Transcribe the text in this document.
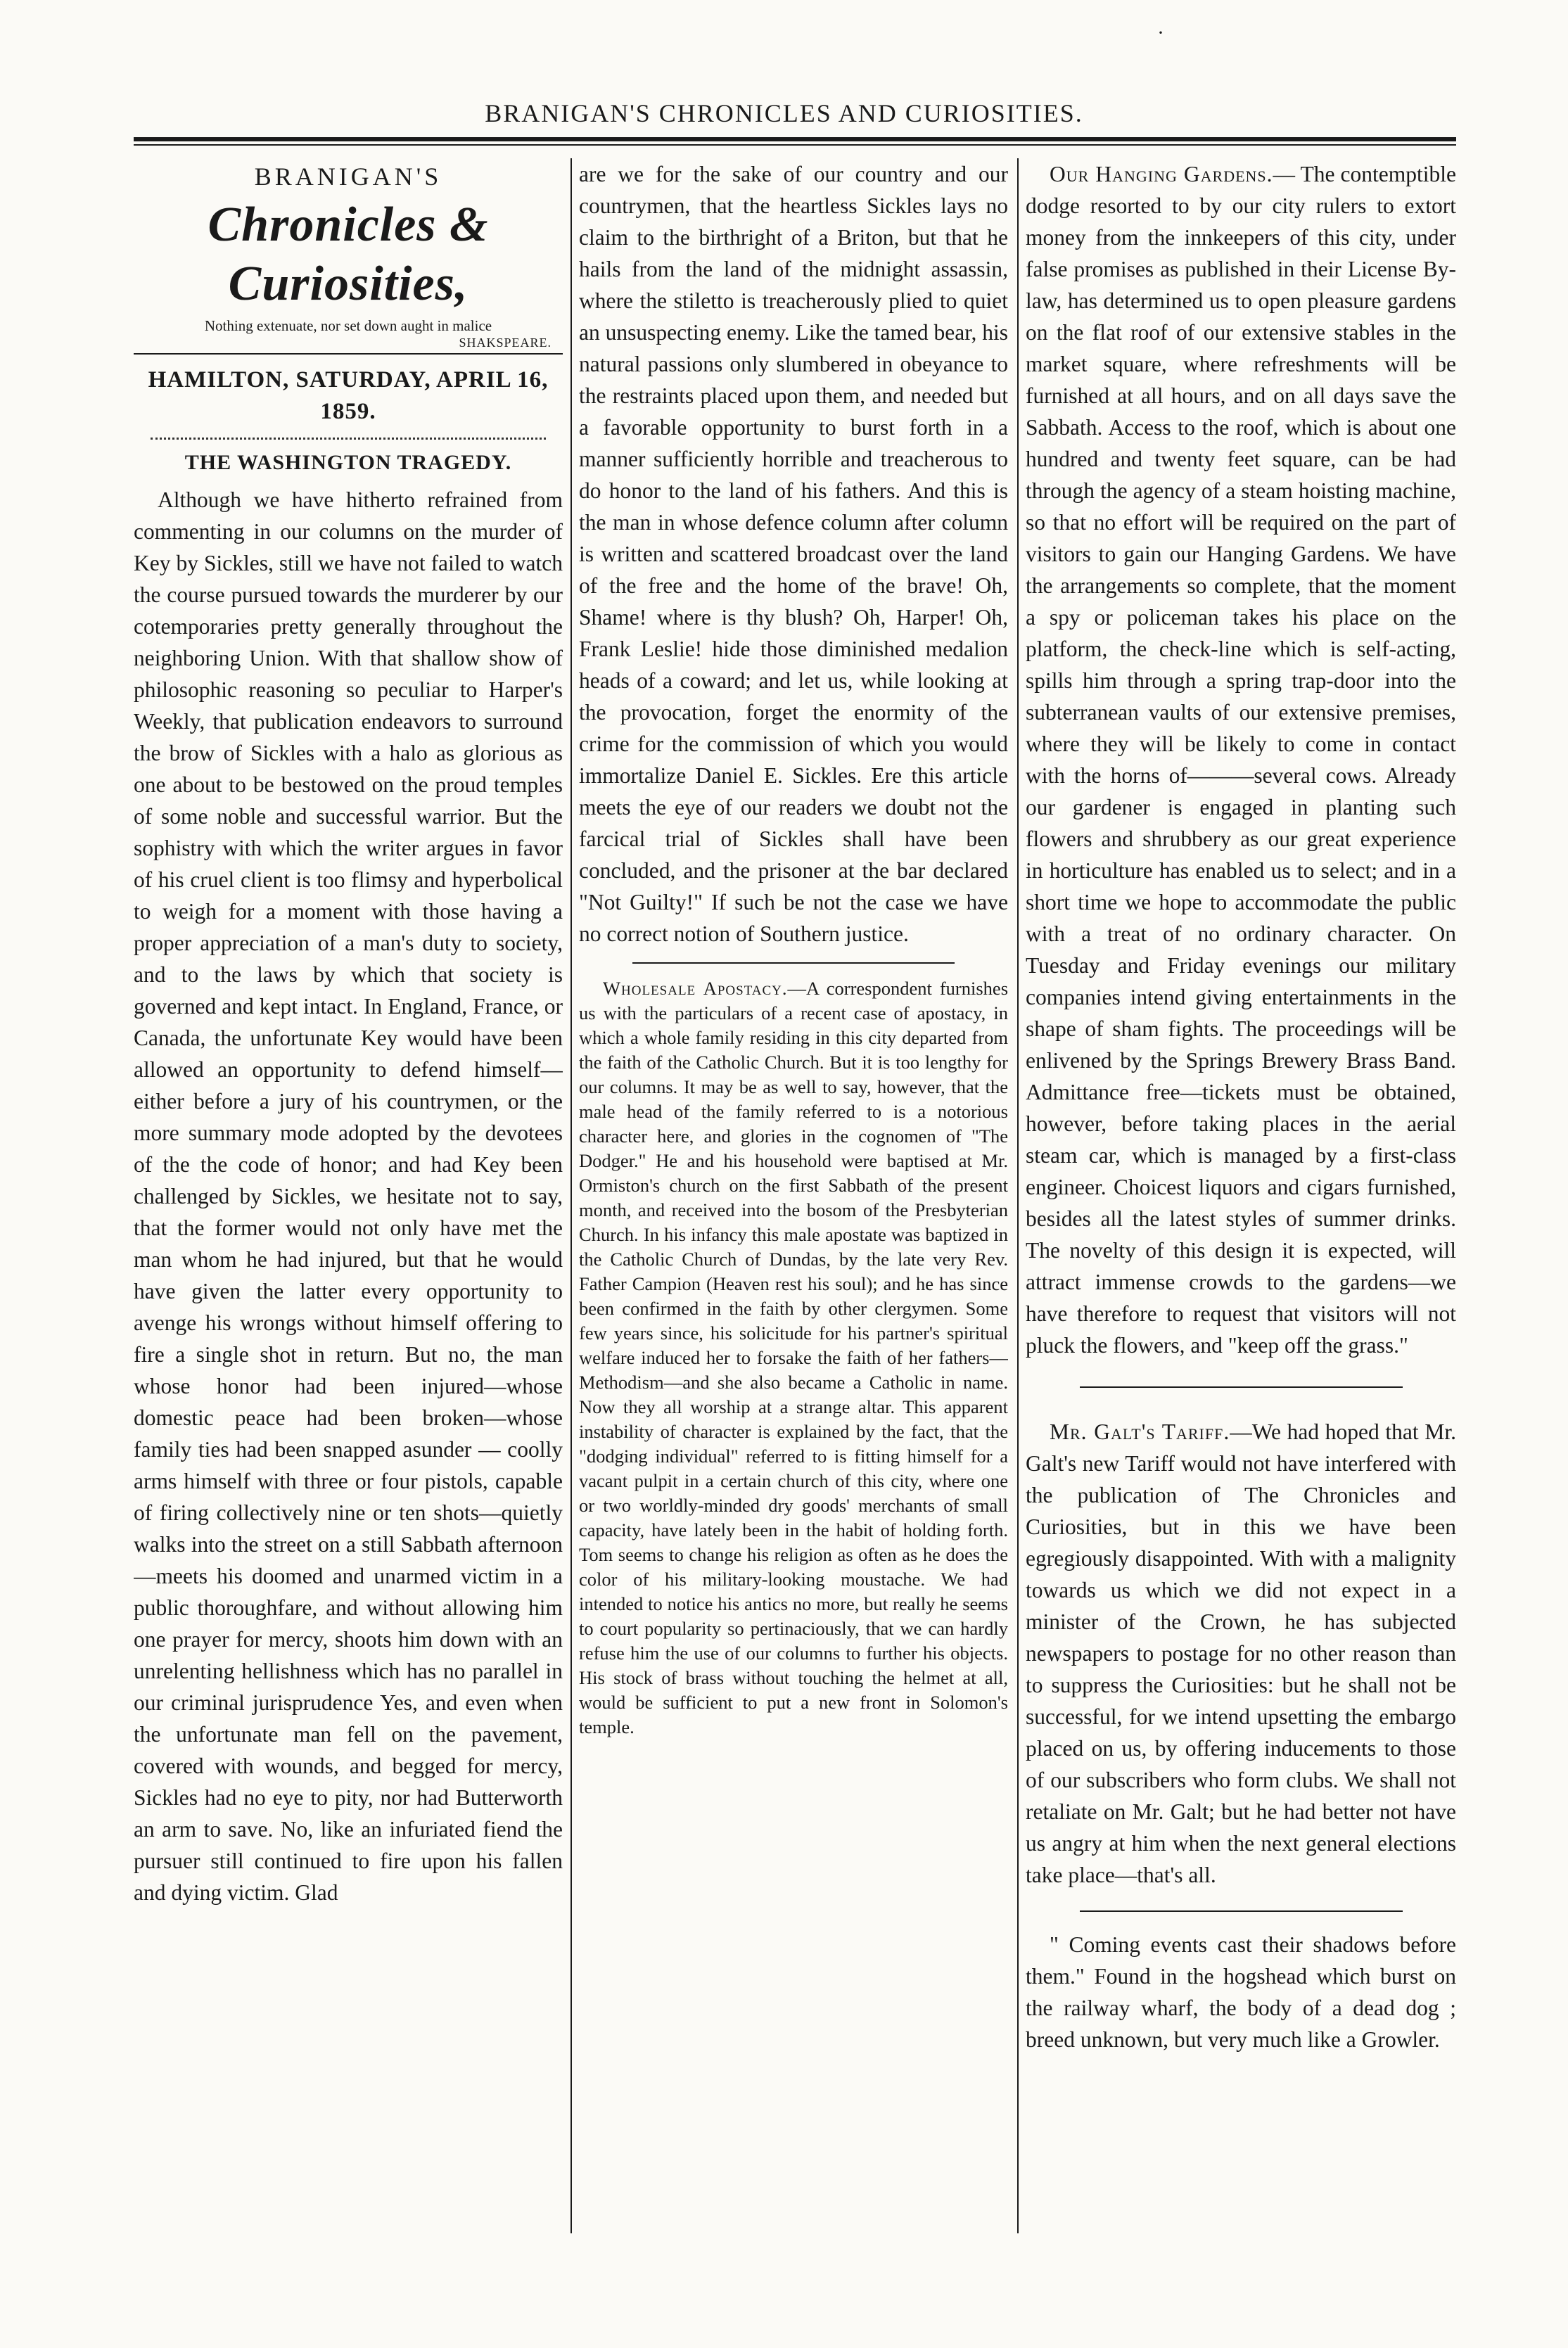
·
BRANIGAN'S CHRONICLES AND CURIOSITIES.
BRANIGAN'S
Chronicles & Curiosities,
Nothing extenuate, nor set down aught in malice
SHAKSPEARE.
HAMILTON, SATURDAY, APRIL 16, 1859.
THE WASHINGTON TRAGEDY.

Although we have hitherto refrained from commenting in our columns on the murder of Key by Sickles, still we have not failed to watch the course pursued towards the murderer by our cotemporaries pretty generally throughout the neighboring Union. With that shallow show of philosophic reasoning so peculiar to Harper's Weekly, that publication endeavors to surround the brow of Sickles with a halo as glorious as one about to be bestowed on the proud temples of some noble and successful warrior. But the sophistry with which the writer argues in favor of his cruel client is too flimsy and hyperbolical to weigh for a moment with those having a proper appreciation of a man's duty to society, and to the laws by which that society is governed and kept intact. In England, France, or Canada, the unfortunate Key would have been allowed an opportunity to defend himself—either before a jury of his countrymen, or the more summary mode adopted by the devotees of the the code of honor; and had Key been challenged by Sickles, we hesitate not to say, that the former would not only have met the man whom he had injured, but that he would have given the latter every opportunity to avenge his wrongs without himself offering to fire a single shot in return. But no, the man whose honor had been injured—whose domestic peace had been broken—whose family ties had been snapped asunder — coolly arms himself with three or four pistols, capable of firing collectively nine or ten shots—quietly walks into the street on a still Sabbath afternoon—meets his doomed and unarmed victim in a public thoroughfare, and without allowing him one prayer for mercy, shoots him down with an unrelenting hellishness which has no parallel in our criminal jurisprudence Yes, and even when the unfortunate man fell on the pavement, covered with wounds, and begged for mercy, Sickles had no eye to pity, nor had Butterworth an arm to save. No, like an infuriated fiend the pursuer still continued to fire upon his fallen and dying victim. Glad

are we for the sake of our country and our countrymen, that the heartless Sickles lays no claim to the birthright of a Briton, but that he hails from the land of the midnight assassin, where the stiletto is treacherously plied to quiet an unsuspecting enemy. Like the tamed bear, his natural passions only slumbered in obeyance to the restraints placed upon them, and needed but a favorable opportunity to burst forth in a manner sufficiently horrible and treacherous to do honor to the land of his fathers. And this is the man in whose defence column after column is written and scattered broadcast over the land of the free and the home of the brave! Oh, Shame! where is thy blush? Oh, Harper! Oh, Frank Leslie! hide those diminished medalion heads of a coward; and let us, while looking at the provocation, forget the enormity of the crime for the commission of which you would immortalize Daniel E. Sickles. Ere this article meets the eye of our readers we doubt not the farcical trial of Sickles shall have been concluded, and the prisoner at the bar declared "Not Guilty!" If such be not the case we have no correct notion of Southern justice.

Wholesale Apostacy.—A correspondent furnishes us with the particulars of a recent case of apostacy, in which a whole family residing in this city departed from the faith of the Catholic Church. But it is too lengthy for our columns. It may be as well to say, however, that the male head of the family referred to is a notorious character here, and glories in the cognomen of "The Dodger." He and his household were baptised at Mr. Ormiston's church on the first Sabbath of the present month, and received into the bosom of the Presbyterian Church. In his infancy this male apostate was baptized in the Catholic Church of Dundas, by the late very Rev. Father Campion (Heaven rest his soul); and he has since been confirmed in the faith by other clergymen. Some few years since, his solicitude for his partner's spiritual welfare induced her to forsake the faith of her fathers—Methodism—and she also became a Catholic in name. Now they all worship at a strange altar. This apparent instability of character is explained by the fact, that the "dodging individual" referred to is fitting himself for a vacant pulpit in a certain church of this city, where one or two worldly-minded dry goods' merchants of small capacity, have lately been in the habit of holding forth. Tom seems to change his religion as often as he does the color of his military-looking moustache. We had intended to notice his antics no more, but really he seems to court popularity so pertinaciously, that we can hardly refuse him the use of our columns to further his objects. His stock of brass without touching the helmet at all, would be sufficient to put a new front in Solomon's temple.

Our Hanging Gardens.— The contemptible dodge resorted to by our city rulers to extort money from the innkeepers of this city, under false promises as published in their License By-law, has determined us to open pleasure gardens on the flat roof of our extensive stables in the market square, where refreshments will be furnished at all hours, and on all days save the Sabbath. Access to the roof, which is about one hundred and twenty feet square, can be had through the agency of a steam hoisting machine, so that no effort will be required on the part of visitors to gain our Hanging Gardens. We have the arrangements so complete, that the moment a spy or policeman takes his place on the platform, the check-line which is self-acting, spills him through a spring trap-door into the subterranean vaults of our extensive premises, where they will be likely to come in contact with the horns of———several cows. Already our gardener is engaged in planting such flowers and shrubbery as our great experience in horticulture has enabled us to select; and in a short time we hope to accommodate the public with a treat of no ordinary character. On Tuesday and Friday evenings our military companies intend giving entertainments in the shape of sham fights. The proceedings will be enlivened by the Springs Brewery Brass Band. Admittance free—tickets must be obtained, however, before taking places in the aerial steam car, which is managed by a first-class engineer. Choicest liquors and cigars furnished, besides all the latest styles of summer drinks. The novelty of this design it is expected, will attract immense crowds to the gardens—we have therefore to request that visitors will not pluck the flowers, and "keep off the grass."

Mr. Galt's Tariff.—We had hoped that Mr. Galt's new Tariff would not have interfered with the publication of The Chronicles and Curiosities, but in this we have been egregiously disappointed. With with a malignity towards us which we did not expect in a minister of the Crown, he has subjected newspapers to postage for no other reason than to suppress the Curiosities: but he shall not be successful, for we intend upsetting the embargo placed on us, by offering inducements to those of our subscribers who form clubs. We shall not retaliate on Mr. Galt; but he had better not have us angry at him when the next general elections take place—that's all.

" Coming events cast their shadows before them." Found in the hogshead which burst on the railway wharf, the body of a dead dog ; breed unknown, but very much like a Growler.
